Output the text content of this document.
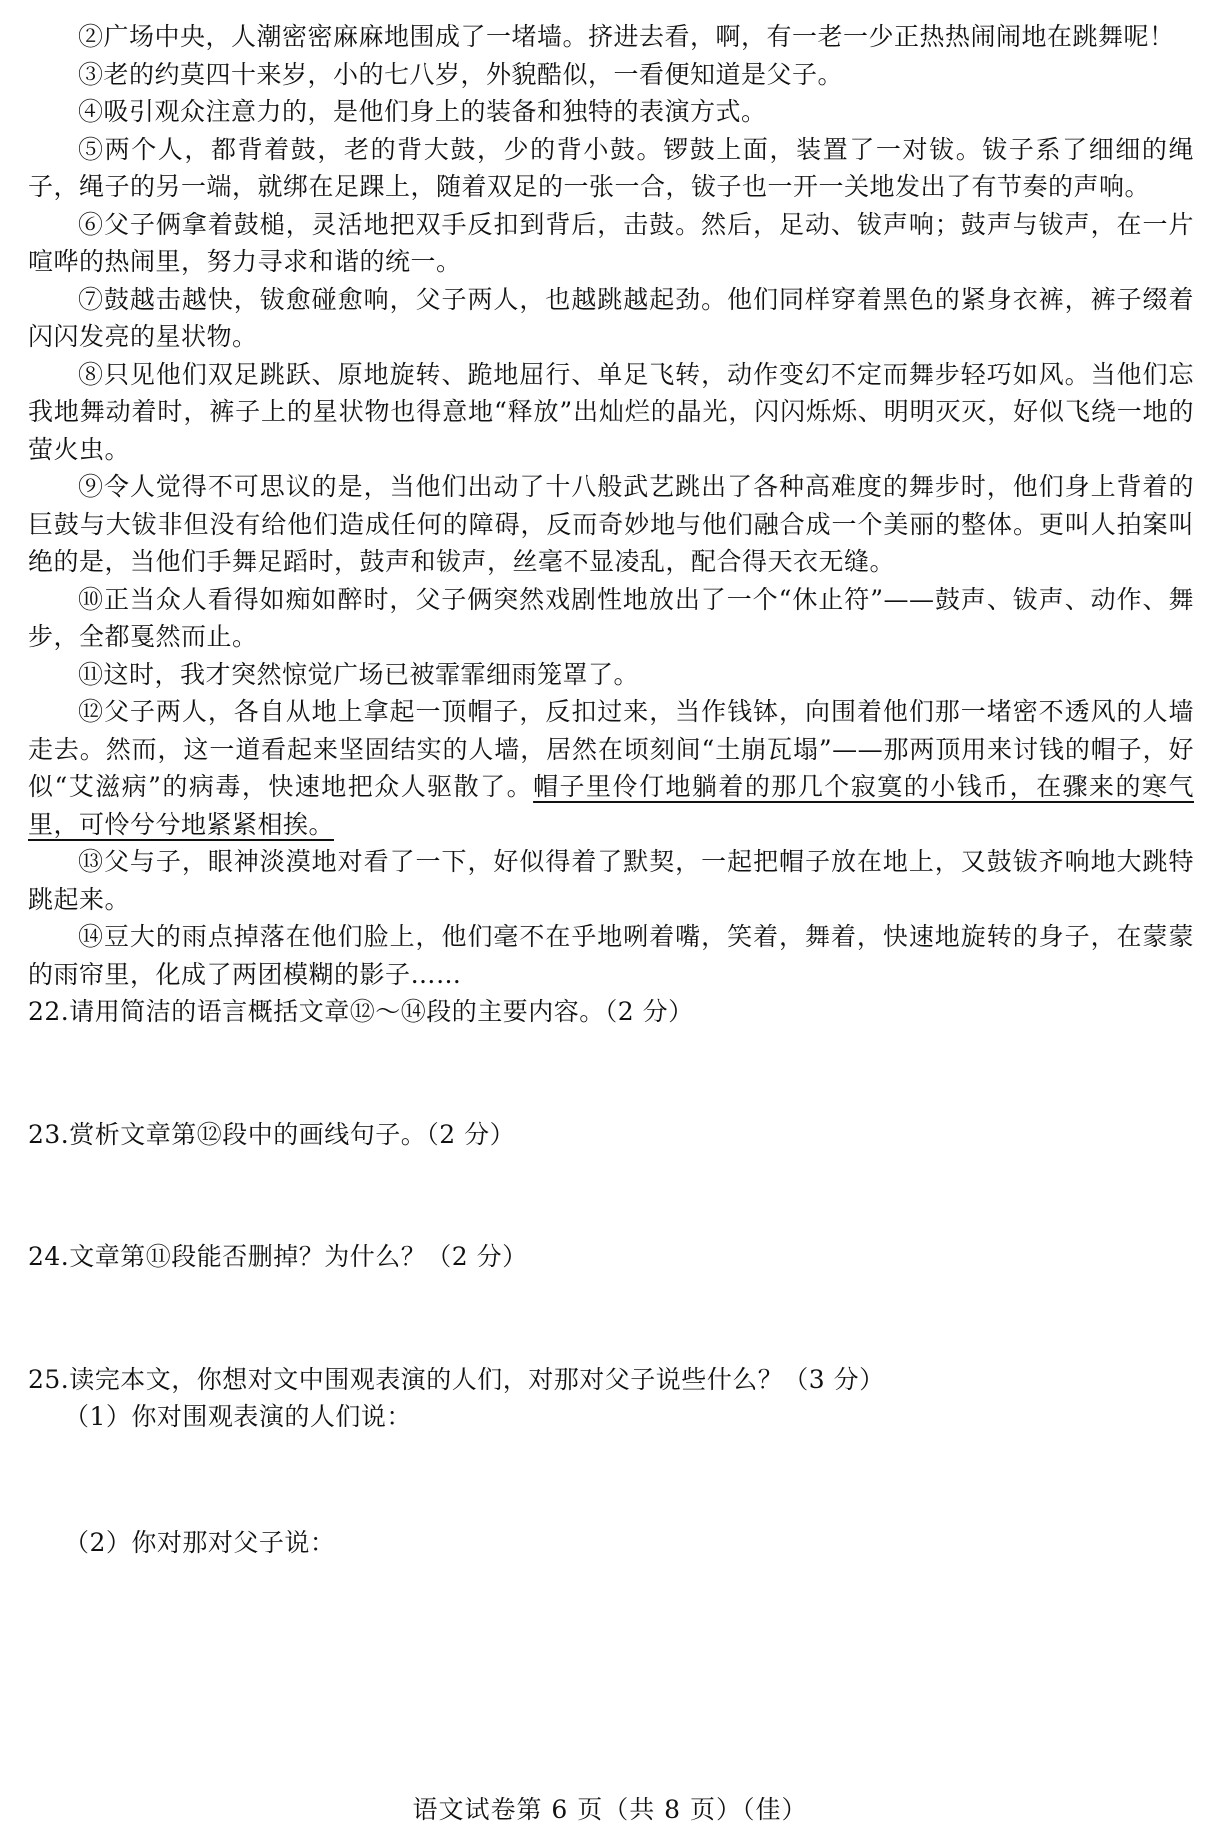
②广场中央，人潮密密麻麻地围成了一堵墙。挤进去看，啊，有一老一少正热热闹闹地在跳舞呢！

③老的约莫四十来岁，小的七八岁，外貌酷似，一看便知道是父子。

④吸引观众注意力的，是他们身上的装备和独特的表演方式。

⑤两个人，都背着鼓，老的背大鼓，少的背小鼓。锣鼓上面，装置了一对钹。钹子系了细细的绳子，绳子的另一端，就绑在足踝上，随着双足的一张一合，钹子也一开一关地发出了有节奏的声响。

⑥父子俩拿着鼓槌，灵活地把双手反扣到背后，击鼓。然后，足动、钹声响；鼓声与钹声，在一片喧哗的热闹里，努力寻求和谐的统一。

⑦鼓越击越快，钹愈碰愈响，父子两人，也越跳越起劲。他们同样穿着黑色的紧身衣裤，裤子缀着闪闪发亮的星状物。

⑧只见他们双足跳跃、原地旋转、跪地屈行、单足飞转，动作变幻不定而舞步轻巧如风。当他们忘我地舞动着时，裤子上的星状物也得意地“释放”出灿烂的晶光，闪闪烁烁、明明灭灭，好似飞绕一地的萤火虫。

⑨令人觉得不可思议的是，当他们出动了十八般武艺跳出了各种高难度的舞步时，他们身上背着的巨鼓与大钹非但没有给他们造成任何的障碍，反而奇妙地与他们融合成一个美丽的整体。更叫人拍案叫绝的是，当他们手舞足蹈时，鼓声和钹声，丝毫不显凌乱，配合得天衣无缝。

⑩正当众人看得如痴如醉时，父子俩突然戏剧性地放出了一个“休止符”——鼓声、钹声、动作、舞步，全都戛然而止。

⑪这时，我才突然惊觉广场已被霏霏细雨笼罩了。

⑫父子两人，各自从地上拿起一顶帽子，反扣过来，当作钱钵，向围着他们那一堵密不透风的人墙走去。然而，这一道看起来坚固结实的人墙，居然在顷刻间“土崩瓦塌”——那两顶用来讨钱的帽子，好似“艾滋病”的病毒，快速地把众人驱散了。帽子里伶仃地躺着的那几个寂寞的小钱币，在骤来的寒气里，可怜兮兮地紧紧相挨。

⑬父与子，眼神淡漠地对看了一下，好似得着了默契，一起把帽子放在地上，又鼓钹齐响地大跳特跳起来。

⑭豆大的雨点掉落在他们脸上，他们毫不在乎地咧着嘴，笑着，舞着，快速地旋转的身子，在蒙蒙的雨帘里，化成了两团模糊的影子……

22.请用简洁的语言概括文章⑫～⑭段的主要内容。（2 分）

23.赏析文章第⑫段中的画线句子。（2 分）

24.文章第⑪段能否删掉？为什么？（2 分）

25.读完本文，你想对文中围观表演的人们，对那对父子说些什么？（3 分）

（1）你对围观表演的人们说：

（2）你对那对父子说：

语文试卷第 6 页（共 8 页）（佳）
